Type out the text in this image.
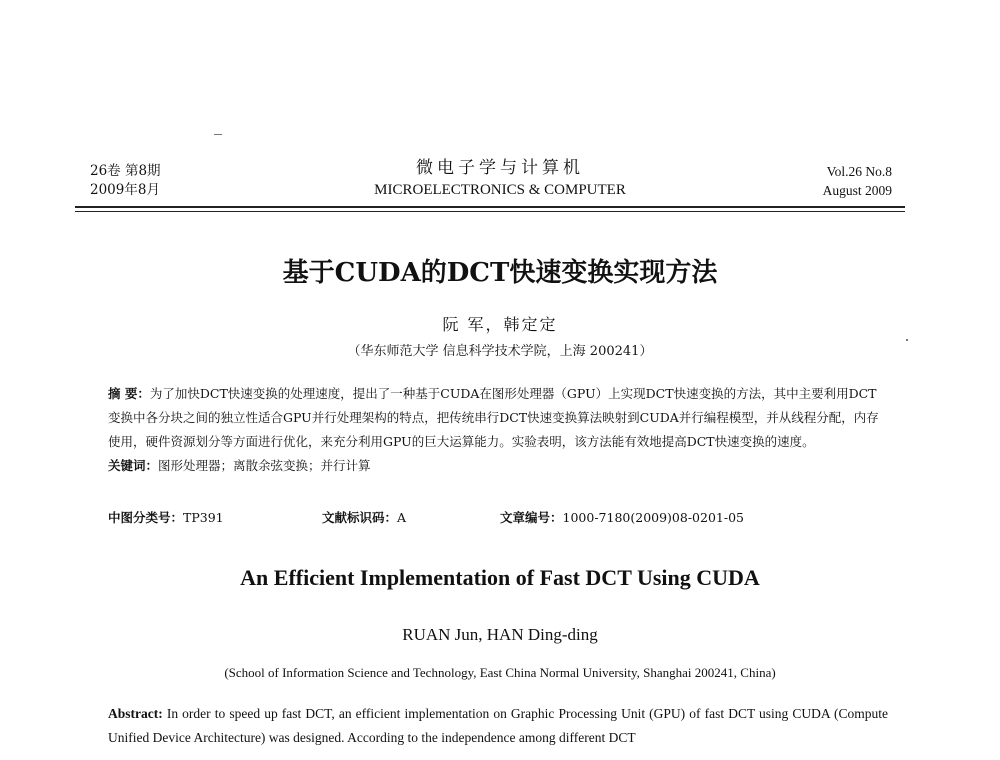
26卷 第8期
2009年8月
微电子学与计算机
MICROELECTRONICS & COMPUTER
Vol.26 No.8
August 2009
基于CUDA的DCT快速变换实现方法
阮 军，韩定定
（华东师范大学 信息科学技术学院，上海 200241）
摘 要：为了加快DCT快速变换的处理速度，提出了一种基于CUDA在图形处理器（GPU）上实现DCT快速变换的方法，其中主要利用DCT变换中各分块之间的独立性适合GPU并行处理架构的特点，把传统串行DCT快速变换算法映射到CUDA并行编程模型，并从线程分配，内存使用，硬件资源划分等方面进行优化，来充分利用GPU的巨大运算能力。实验表明，该方法能有效地提高DCT快速变换的速度。
关键词：图形处理器；离散余弦变换；并行计算
中图分类号：TP391	文献标识码：A	文章编号：1000-7180(2009)08-0201-05
An Efficient Implementation of Fast DCT Using CUDA
RUAN Jun, HAN Ding-ding
(School of Information Science and Technology, East China Normal University, Shanghai 200241, China)
Abstract: In order to speed up fast DCT, an efficient implementation on Graphic Processing Unit (GPU) of fast DCT using CUDA (Compute Unified Device Architecture) was designed. According to the independence among different DCT
